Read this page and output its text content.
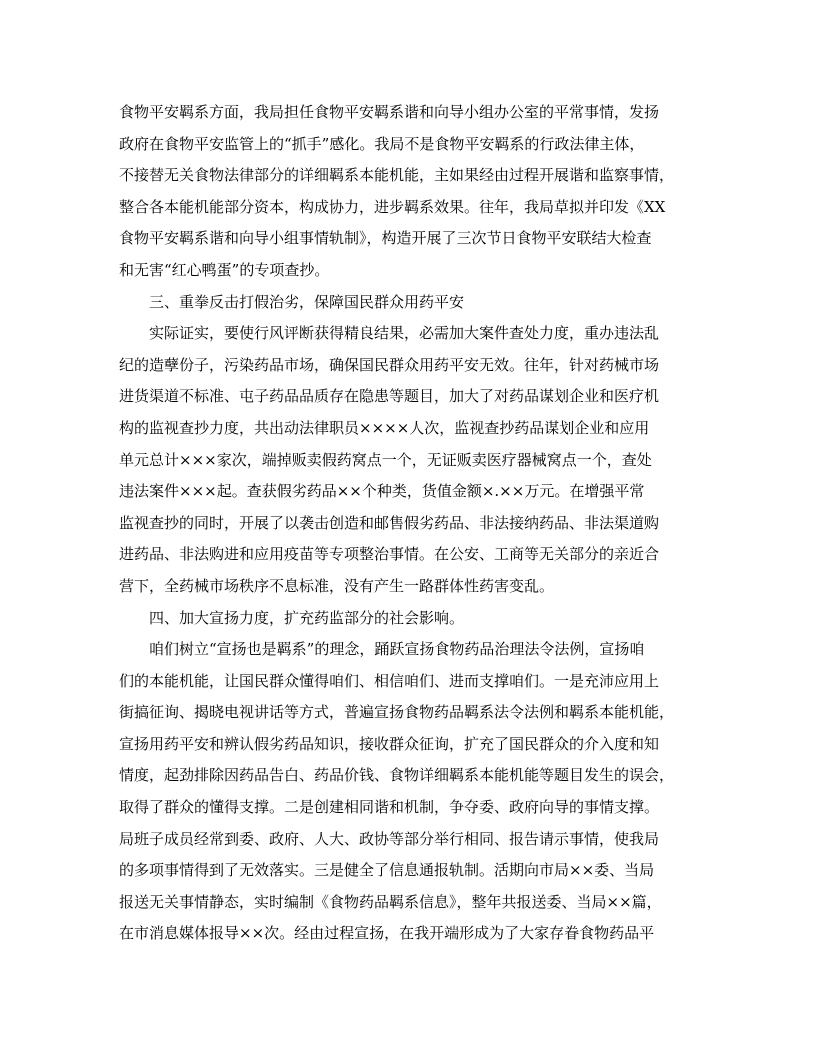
食物平安羁系方面，我局担任食物平安羁系谐和向导小组办公室的平常事情，发扬
政府在食物平安监管上的“抓手”感化。我局不是食物平安羁系的行政法律主体，
不接替无关食物法律部分的详细羁系本能机能，主如果经由过程开展谐和监察事情，
整合各本能机能部分资本，构成协力，进步羁系效果。往年，我局草拟并印发《XX
食物平安羁系谐和向导小组事情轨制》，构造开展了三次节日食物平安联结大检查
和无害“红心鸭蛋”的专项查抄。
三、重拳反击打假治劣，保障国民群众用药平安
实际证实，要使行风评断获得精良结果，必需加大案件查处力度，重办违法乱
纪的造孽份子，污染药品市场，确保国民群众用药平安无效。往年，针对药械市场
进货渠道不标准、屯子药品品质存在隐患等题目，加大了对药品谋划企业和医疗机
构的监视查抄力度，共出动法律职员××××人次，监视查抄药品谋划企业和应用
单元总计×××家次，端掉贩卖假药窝点一个，无证贩卖医疗器械窝点一个，查处
违法案件×××起。查获假劣药品××个种类，货值金额×.××万元。在增强平常
监视查抄的同时，开展了以袭击创造和邮售假劣药品、非法接纳药品、非法渠道购
进药品、非法购进和应用疫苗等专项整治事情。在公安、工商等无关部分的亲近合
营下，全药械市场秩序不息标准，没有产生一路群体性药害变乱。
四、加大宣扬力度，扩充药监部分的社会影响。
咱们树立“宣扬也是羁系”的理念，踊跃宣扬食物药品治理法令法例，宣扬咱
们的本能机能，让国民群众懂得咱们、相信咱们、进而支撑咱们。一是充沛应用上
街搞征询、揭晓电视讲话等方式，普遍宣扬食物药品羁系法令法例和羁系本能机能，
宣扬用药平安和辨认假劣药品知识，接收群众征询，扩充了国民群众的介入度和知
情度，起劲排除因药品告白、药品价钱、食物详细羁系本能机能等题目发生的误会，
取得了群众的懂得支撑。二是创建相同谐和机制，争夺委、政府向导的事情支撑。
局班子成员经常到委、政府、人大、政协等部分举行相同、报告请示事情，使我局
的多项事情得到了无效落实。三是健全了信息通报轨制。活期向市局××委、当局
报送无关事情静态，实时编制《食物药品羁系信息》，整年共报送委、当局××篇，
在市消息媒体报导××次。经由过程宣扬，在我开端形成为了大家存眷食物药品平
